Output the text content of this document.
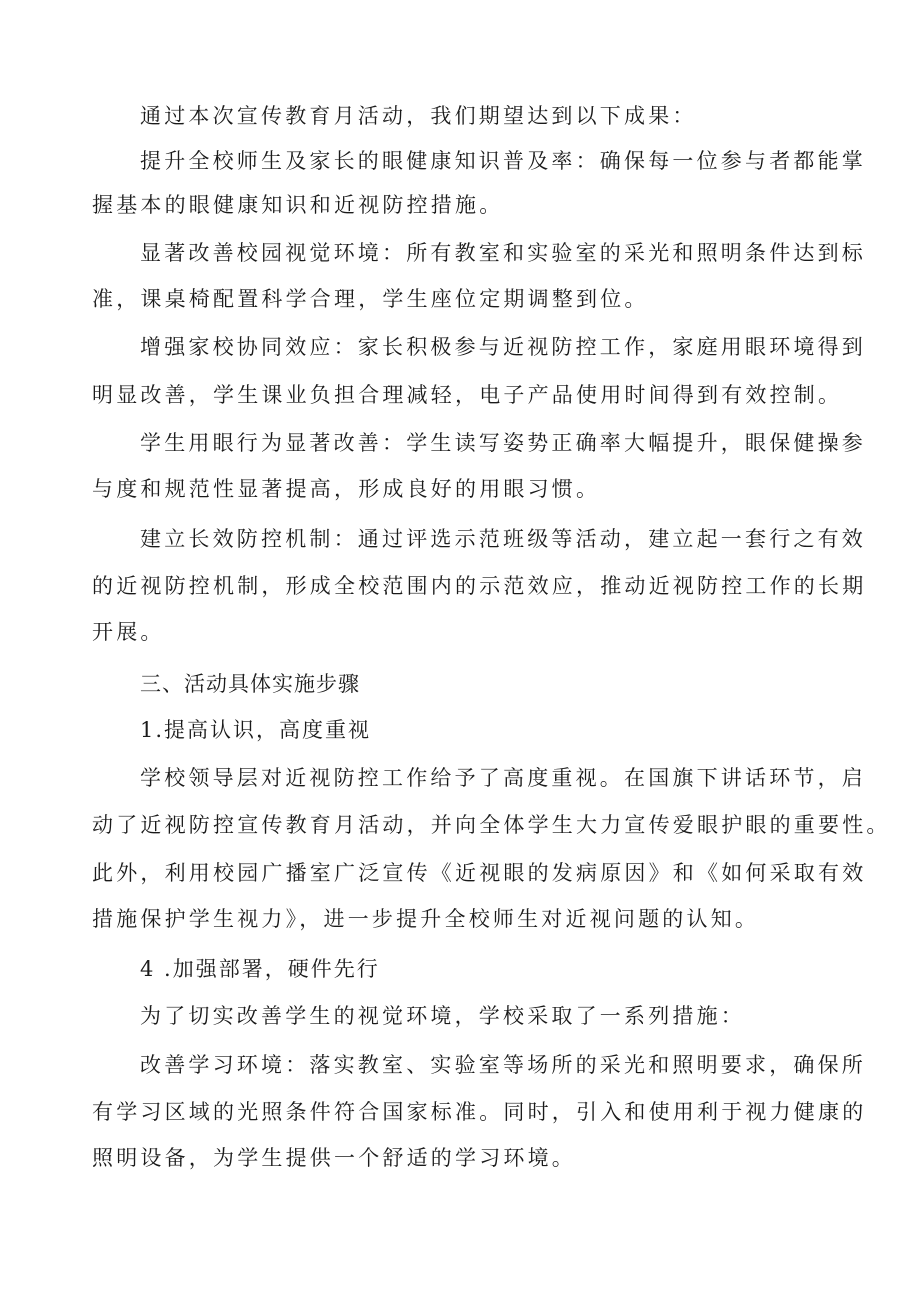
通过本次宣传教育月活动，我们期望达到以下成果：
提升全校师生及家长的眼健康知识普及率：确保每一位参与者都能掌
握基本的眼健康知识和近视防控措施。
显著改善校园视觉环境：所有教室和实验室的采光和照明条件达到标
准，课桌椅配置科学合理，学生座位定期调整到位。
增强家校协同效应：家长积极参与近视防控工作，家庭用眼环境得到
明显改善，学生课业负担合理减轻，电子产品使用时间得到有效控制。
学生用眼行为显著改善：学生读写姿势正确率大幅提升，眼保健操参
与度和规范性显著提高，形成良好的用眼习惯。
建立长效防控机制：通过评选示范班级等活动，建立起一套行之有效
的近视防控机制，形成全校范围内的示范效应，推动近视防控工作的长期
开展。
三、活动具体实施步骤
1.提高认识，高度重视
学校领导层对近视防控工作给予了高度重视。在国旗下讲话环节，启
动了近视防控宣传教育月活动，并向全体学生大力宣传爱眼护眼的重要性。
此外，利用校园广播室广泛宣传《近视眼的发病原因》和《如何采取有效
措施保护学生视力》，进一步提升全校师生对近视问题的认知。
4 .加强部署，硬件先行
为了切实改善学生的视觉环境，学校采取了一系列措施：
改善学习环境：落实教室、实验室等场所的采光和照明要求，确保所
有学习区域的光照条件符合国家标准。同时，引入和使用利于视力健康的
照明设备，为学生提供一个舒适的学习环境。
